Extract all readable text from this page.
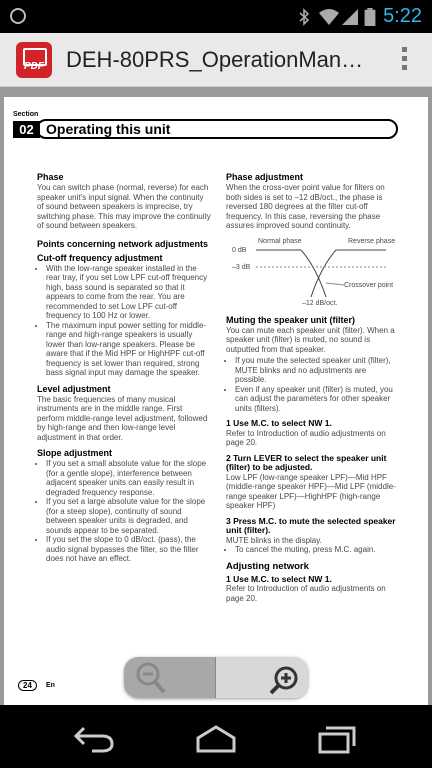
5:22
PDF	DEH-80PRS_OperationMan…
Section
02 Operating this unit
Phase

You can switch phase (normal, reverse) for each speaker unit's input signal. When the continuity of sound between speakers is imprecise, try switching phase. This may improve the continuity of sound between speakers.

Points concerning network adjustments
Cut-off frequency adjustment
• With the low-range speaker installed in the rear tray, if you set Low LPF cut-off frequency high, bass sound is separated so that it appears to come from the rear. You are recommended to set Low LPF cut-off frequency to 100 Hz or lower.
• The maximum input power setting for middle-range and high-range speakers is usually lower than low-range speakers. Please be aware that if the Mid HPF or HighHPF cut-off frequency is set lower than required, strong bass signal input may damage the speaker.
Level adjustment

The basic frequencies of many musical instruments are in the middle range. First perform middle-range level adjustment, followed by high-range and then low-range level adjustment in that order.

Slope adjustment
• If you set a small absolute value for the slope (for a gentle slope), interference between adjacent speaker units can easily result in degraded frequency response.
• If you set a large absolute value for the slope (for a steep slope), continuity of sound between speaker units is degraded, and sounds appear to be separated.
• If you set the slope to 0 dB/oct. (pass), the audio signal bypasses the filter, so the filter does not have an effect.
Phase adjustment

When the cross-over point value for filters on both sides is set to –12 dB/oct., the phase is reversed 180 degrees at the filter cut-off frequency. In this case, reversing the phase assures improved sound continuity.

Normal phase	Reverse phase
0 dB
–3 dB
Crossover point
–12 dB/oct.
Muting the speaker unit (filter)

You can mute each speaker unit (filter). When a speaker unit (filter) is muted, no sound is outputted from that speaker.

• If you mute the selected speaker unit (filter), MUTE blinks and no adjustments are possible.
• Even if any speaker unit (filter) is muted, you can adjust the parameters for other speaker units (filters).

1 Use M.C. to select NW 1.

Refer to Introduction of audio adjustments on page 20.

2 Turn LEVER to select the speaker unit (filter) to be adjusted.

Low LPF (low-range speaker LPF)—Mid HPF (middle-range speaker HPF)—Mid LPF (middle-range speaker LPF)—HighHPF (high-range speaker HPF)

3 Press M.C. to mute the selected speaker unit (filter).

MUTE blinks in the display.

• To cancel the muting, press M.C. again.
Adjusting network

1 Use M.C. to select NW 1.

Refer to Introduction of audio adjustments on page 20.

24	En
